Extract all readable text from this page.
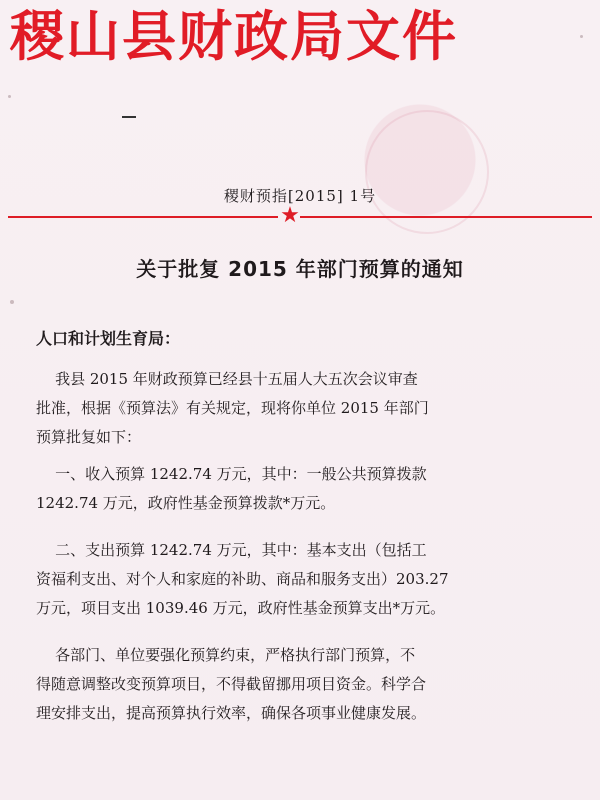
稷山县财政局文件
稷财预指[2015] 1号
★
关于批复 2015 年部门预算的通知
人口和计划生育局：
我县 2015 年财政预算已经县十五届人大五次会议审查
批准，根据《预算法》有关规定，现将你单位 2015 年部门
预算批复如下：
一、收入预算 1242.74 万元，其中：一般公共预算拨款
1242.74 万元，政府性基金预算拨款*万元。
二、支出预算 1242.74 万元，其中：基本支出（包括工
资福利支出、对个人和家庭的补助、商品和服务支出）203.27
万元，项目支出 1039.46 万元，政府性基金预算支出*万元。
各部门、单位要强化预算约束，严格执行部门预算，不
得随意调整改变预算项目，不得截留挪用项目资金。科学合
理安排支出，提高预算执行效率，确保各项事业健康发展。
